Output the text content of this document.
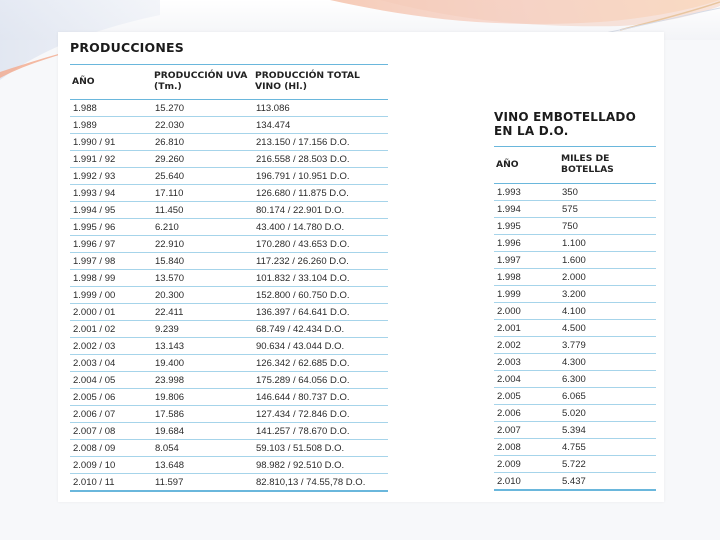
PRODUCCIONES
AÑO	PRODUCCIÓN UVA (Tm.)	PRODUCCIÓN TOTAL VINO (Hl.)
1.988	15.270	113.086
1.989	22.030	134.474
1.990 / 91	26.810	213.150 / 17.156 D.O.
1.991 / 92	29.260	216.558 / 28.503 D.O.
1.992 / 93	25.640	196.791 / 10.951 D.O.
1.993 / 94	17.110	126.680 / 11.875 D.O.
1.994 / 95	11.450	80.174 / 22.901 D.O.
1.995 / 96	6.210	43.400 / 14.780 D.O.
1.996 / 97	22.910	170.280 / 43.653 D.O.
1.997 / 98	15.840	117.232 / 26.260 D.O.
1.998 / 99	13.570	101.832 / 33.104 D.O.
1.999 / 00	20.300	152.800 / 60.750 D.O.
2.000 / 01	22.411	136.397 / 64.641 D.O.
2.001 / 02	9.239	68.749 / 42.434 D.O.
2.002 / 03	13.143	90.634 / 43.044 D.O.
2.003 / 04	19.400	126.342 / 62.685 D.O.
2.004 / 05	23.998	175.289 / 64.056 D.O.
2.005 / 06	19.806	146.644 / 80.737 D.O.
2.006 / 07	17.586	127.434 / 72.846 D.O.
2.007 / 08	19.684	141.257 / 78.670 D.O.
2.008 / 09	8.054	59.103 / 51.508 D.O.
2.009 / 10	13.648	98.982 / 92.510 D.O.
2.010 / 11	11.597	82.810,13 / 74.55,78 D.O.
VINO EMBOTELLADO
EN LA D.O.
AÑO	MILES DE BOTELLAS
1.993	350
1.994	575
1.995	750
1.996	1.100
1.997	1.600
1.998	2.000
1.999	3.200
2.000	4.100
2.001	4.500
2.002	3.779
2.003	4.300
2.004	6.300
2.005	6.065
2.006	5.020
2.007	5.394
2.008	4.755
2.009	5.722
2.010	5.437
